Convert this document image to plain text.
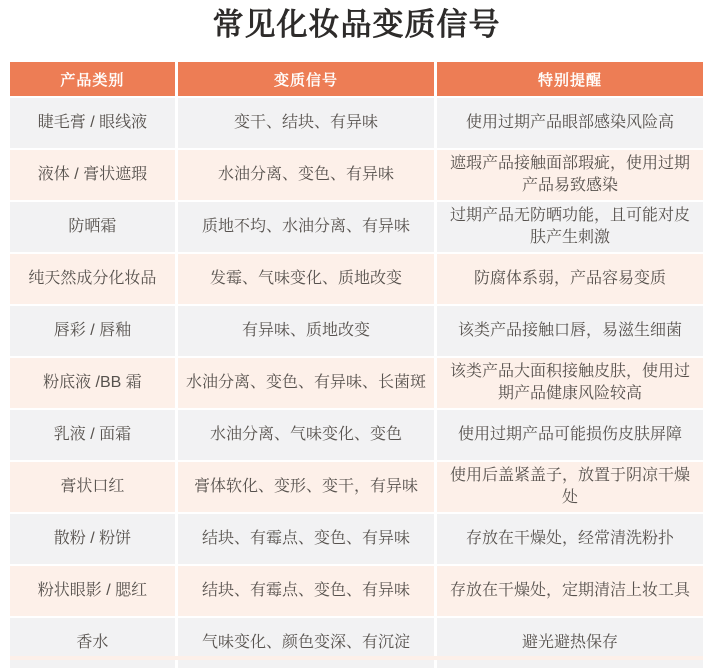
常见化妆品变质信号
产品类别	变质信号	特别提醒
睫毛膏 / 眼线液	变干、结块、有异味	使用过期产品眼部感染风险高
液体 / 膏状遮瑕	水油分离、变色、有异味	遮瑕产品接触面部瑕疵，使用过期产品易致感染
防晒霜	质地不均、水油分离、有异味	过期产品无防晒功能，且可能对皮肤产生刺激
纯天然成分化妆品	发霉、气味变化、质地改变	防腐体系弱，产品容易变质
唇彩 / 唇釉	有异味、质地改变	该类产品接触口唇，易滋生细菌
粉底液 /BB 霜	水油分离、变色、有异味、长菌斑	该类产品大面积接触皮肤，使用过期产品健康风险较高
乳液 / 面霜	水油分离、气味变化、变色	使用过期产品可能损伤皮肤屏障
膏状口红	膏体软化、变形、变干，有异味	使用后盖紧盖子，放置于阴凉干燥处
散粉 / 粉饼	结块、有霉点、变色、有异味	存放在干燥处，经常清洗粉扑
粉状眼影 / 腮红	结块、有霉点、变色、有异味	存放在干燥处，定期清洁上妆工具
香水	气味变化、颜色变深、有沉淀	避光避热保存
